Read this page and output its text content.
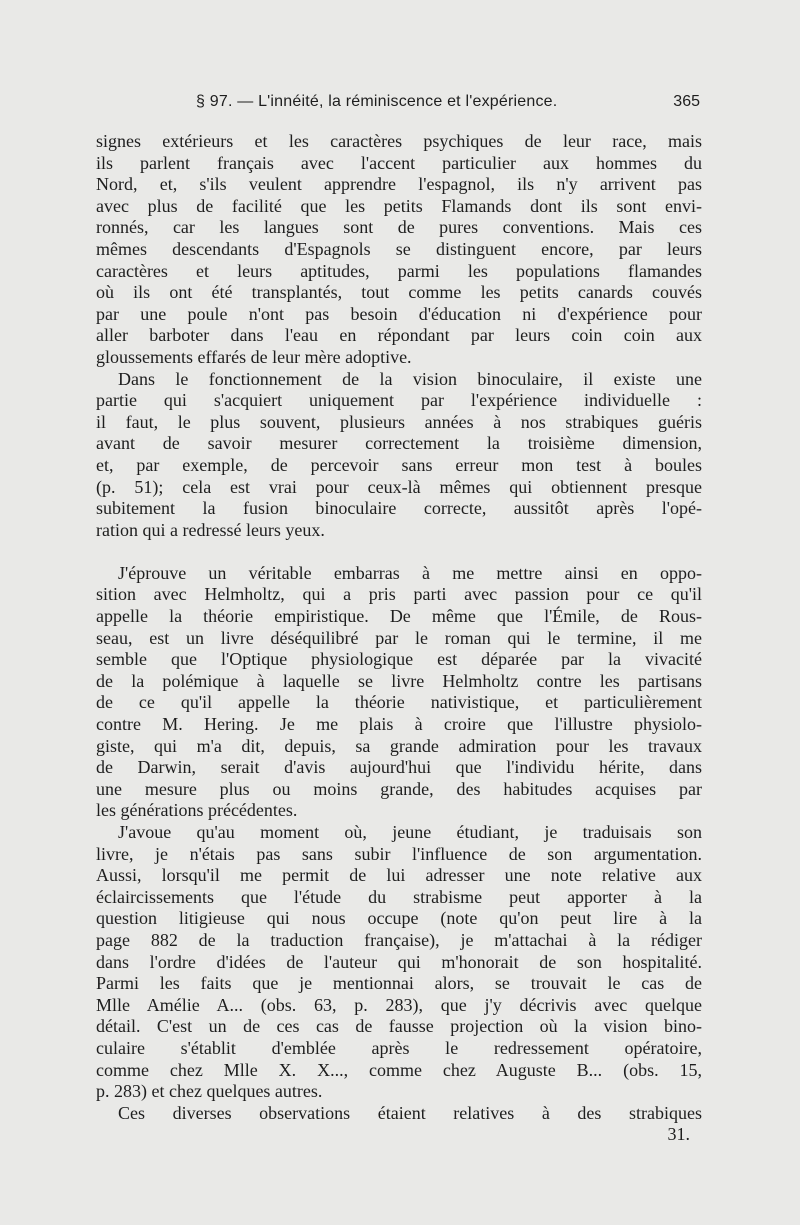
§ 97. — L'innéité, la réminiscence et l'expérience.	365
signes extérieurs et les caractères psychiques de leur race, mais
ils parlent français avec l'accent particulier aux hommes du
Nord, et, s'ils veulent apprendre l'espagnol, ils n'y arrivent pas
avec plus de facilité que les petits Flamands dont ils sont envi-
ronnés, car les langues sont de pures conventions. Mais ces
mêmes descendants d'Espagnols se distinguent encore, par leurs
caractères et leurs aptitudes, parmi les populations flamandes
où ils ont été transplantés, tout comme les petits canards couvés
par une poule n'ont pas besoin d'éducation ni d'expérience pour
aller barboter dans l'eau en répondant par leurs coin coin aux
gloussements effarés de leur mère adoptive.
Dans le fonctionnement de la vision binoculaire, il existe une
partie qui s'acquiert uniquement par l'expérience individuelle :
il faut, le plus souvent, plusieurs années à nos strabiques guéris
avant de savoir mesurer correctement la troisième dimension,
et, par exemple, de percevoir sans erreur mon test à boules
(p. 51); cela est vrai pour ceux-là mêmes qui obtiennent presque
subitement la fusion binoculaire correcte, aussitôt après l'opé-
ration qui a redressé leurs yeux.
J'éprouve un véritable embarras à me mettre ainsi en oppo-
sition avec Helmholtz, qui a pris parti avec passion pour ce qu'il
appelle la théorie empiristique. De même que l'Émile, de Rous-
seau, est un livre déséquilibré par le roman qui le termine, il me
semble que l'Optique physiologique est déparée par la vivacité
de la polémique à laquelle se livre Helmholtz contre les partisans
de ce qu'il appelle la théorie nativistique, et particulièrement
contre M. Hering. Je me plais à croire que l'illustre physiolo-
giste, qui m'a dit, depuis, sa grande admiration pour les travaux
de Darwin, serait d'avis aujourd'hui que l'individu hérite, dans
une mesure plus ou moins grande, des habitudes acquises par
les générations précédentes.
J'avoue qu'au moment où, jeune étudiant, je traduisais son
livre, je n'étais pas sans subir l'influence de son argumentation.
Aussi, lorsqu'il me permit de lui adresser une note relative aux
éclaircissements que l'étude du strabisme peut apporter à la
question litigieuse qui nous occupe (note qu'on peut lire à la
page 882 de la traduction française), je m'attachai à la rédiger
dans l'ordre d'idées de l'auteur qui m'honorait de son hospitalité.
Parmi les faits que je mentionnai alors, se trouvait le cas de
Mlle Amélie A... (obs. 63, p. 283), que j'y décrivis avec quelque
détail. C'est un de ces cas de fausse projection où la vision bino-
culaire s'établit d'emblée après le redressement opératoire,
comme chez Mlle X. X..., comme chez Auguste B... (obs. 15,
p. 283) et chez quelques autres.
Ces diverses observations étaient relatives à des strabiques
31.
